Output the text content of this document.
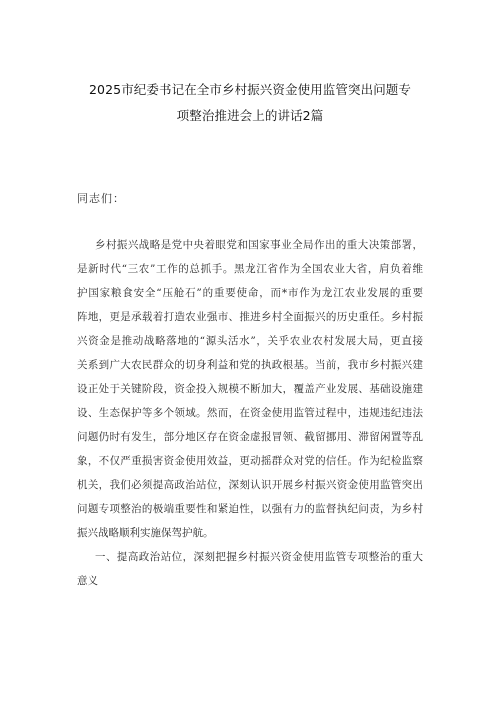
2025市纪委书记在全市乡村振兴资金使用监管突出问题专
项整治推进会上的讲话2篇
同志们：
乡村振兴战略是党中央着眼党和国家事业全局作出的重大决策部署，
是新时代“三农”工作的总抓手。黑龙江省作为全国农业大省，肩负着维
护国家粮食安全“压舱石”的重要使命，而*市作为龙江农业发展的重要
阵地，更是承载着打造农业强市、推进乡村全面振兴的历史重任。乡村振
兴资金是推动战略落地的“源头活水”，关乎农业农村发展大局，更直接
关系到广大农民群众的切身利益和党的执政根基。当前，我市乡村振兴建
设正处于关键阶段，资金投入规模不断加大，覆盖产业发展、基础设施建
设、生态保护等多个领域。然而，在资金使用监管过程中，违规违纪违法
问题仍时有发生，部分地区存在资金虚报冒领、截留挪用、滞留闲置等乱
象，不仅严重损害资金使用效益，更动摇群众对党的信任。作为纪检监察
机关，我们必须提高政治站位，深刻认识开展乡村振兴资金使用监管突出
问题专项整治的极端重要性和紧迫性，以强有力的监督执纪问责，为乡村
振兴战略顺利实施保驾护航。
一、提高政治站位，深刻把握乡村振兴资金使用监管专项整治的重大
意义
